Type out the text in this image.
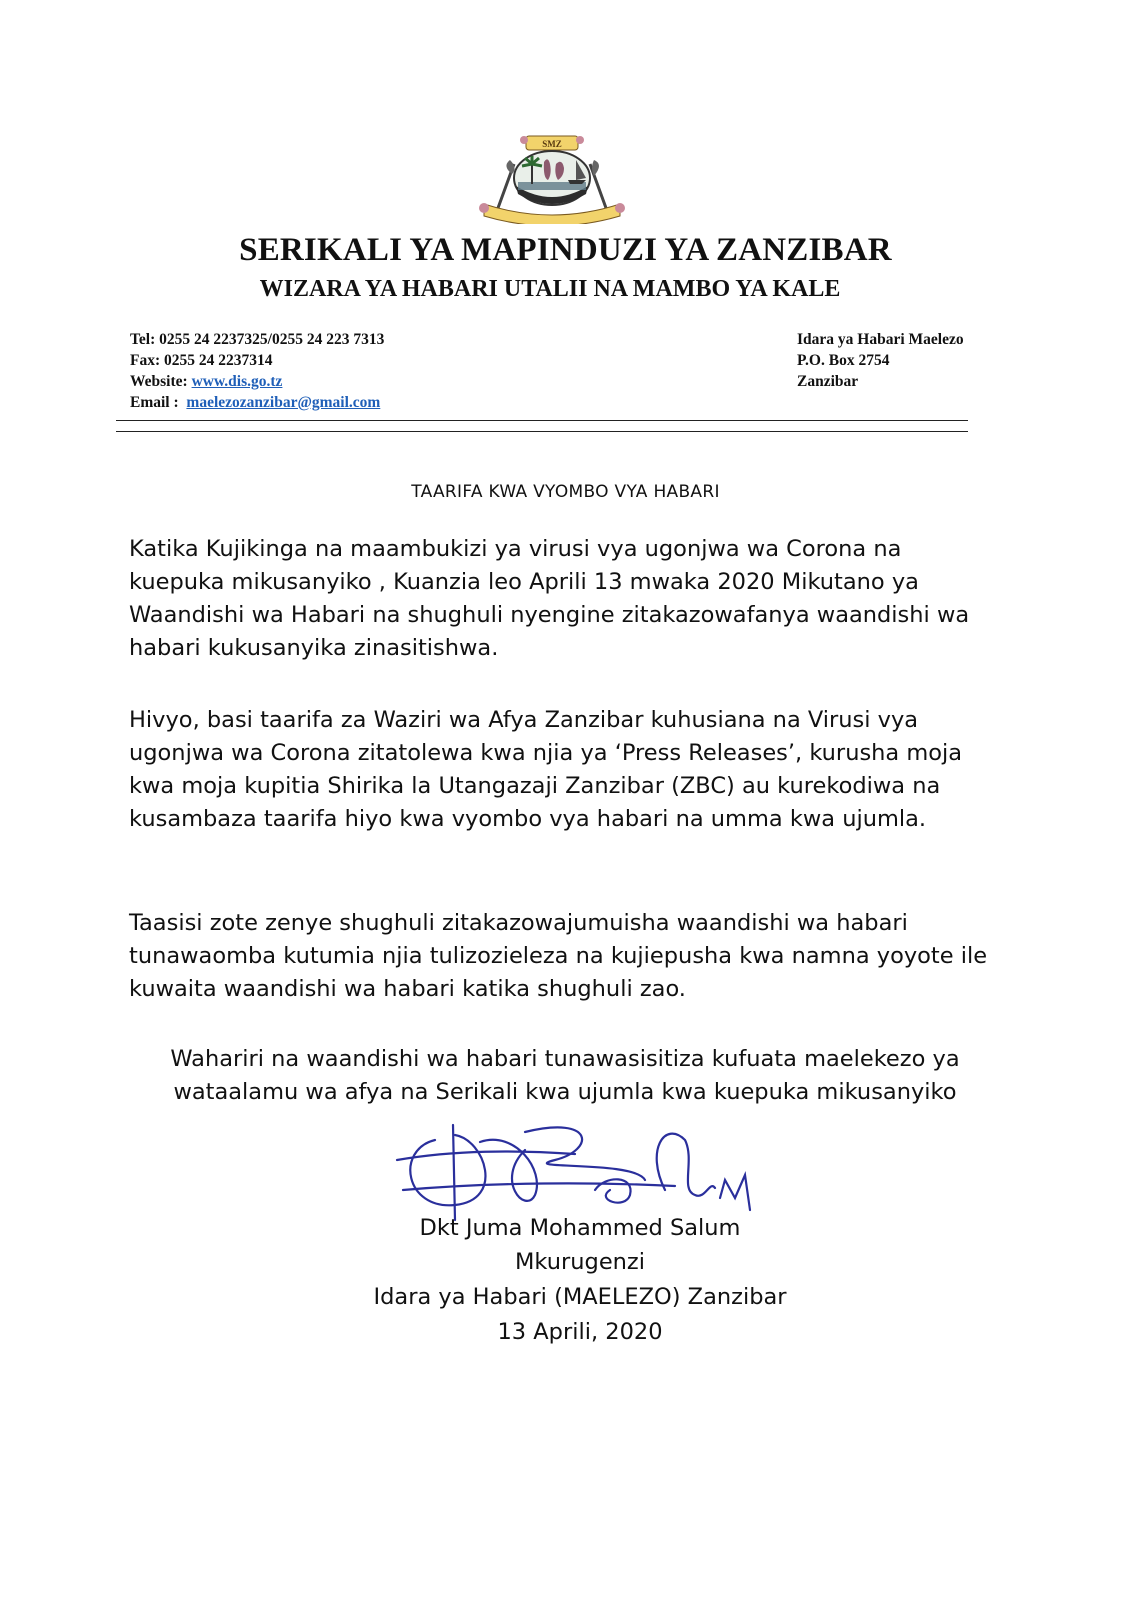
SMZ
SERIKALI YA MAPINDUZI YA ZANZIBAR
WIZARA YA HABARI UTALII NA MAMBO YA KALE
Tel: 0255 24 2237325/0255 24 223 7313
Fax: 0255 24 2237314
Website: www.dis.go.tz
Email : maelezozanzibar@gmail.com
Idara ya Habari Maelezo
P.O. Box 2754
Zanzibar
TAARIFA KWA VYOMBO VYA HABARI
Katika Kujikinga na maambukizi ya virusi vya ugonjwa wa Corona na kuepuka mikusanyiko , Kuanzia leo Aprili 13 mwaka 2020 Mikutano ya Waandishi wa Habari na shughuli nyengine zitakazowafanya waandishi wa habari kukusanyika zinasitishwa.
Hivyo, basi taarifa za Waziri wa Afya Zanzibar kuhusiana na Virusi vya ugonjwa wa Corona zitatolewa kwa njia ya ‘Press Releases’, kurusha moja kwa moja kupitia Shirika la Utangazaji Zanzibar (ZBC) au kurekodiwa na kusambaza taarifa hiyo kwa vyombo vya habari na umma kwa ujumla.
Taasisi zote zenye shughuli zitakazowajumuisha waandishi wa habari tunawaomba kutumia njia tulizozieleza na kujiepusha kwa namna yoyote ile kuwaita waandishi wa habari katika shughuli zao.
Wahariri na waandishi wa habari tunawasisitiza kufuata maelekezo ya wataalamu wa afya na Serikali kwa ujumla kwa kuepuka mikusanyiko
Dkt Juma Mohammed Salum
Mkurugenzi
Idara ya Habari (MAELEZO) Zanzibar
13 Aprili, 2020
